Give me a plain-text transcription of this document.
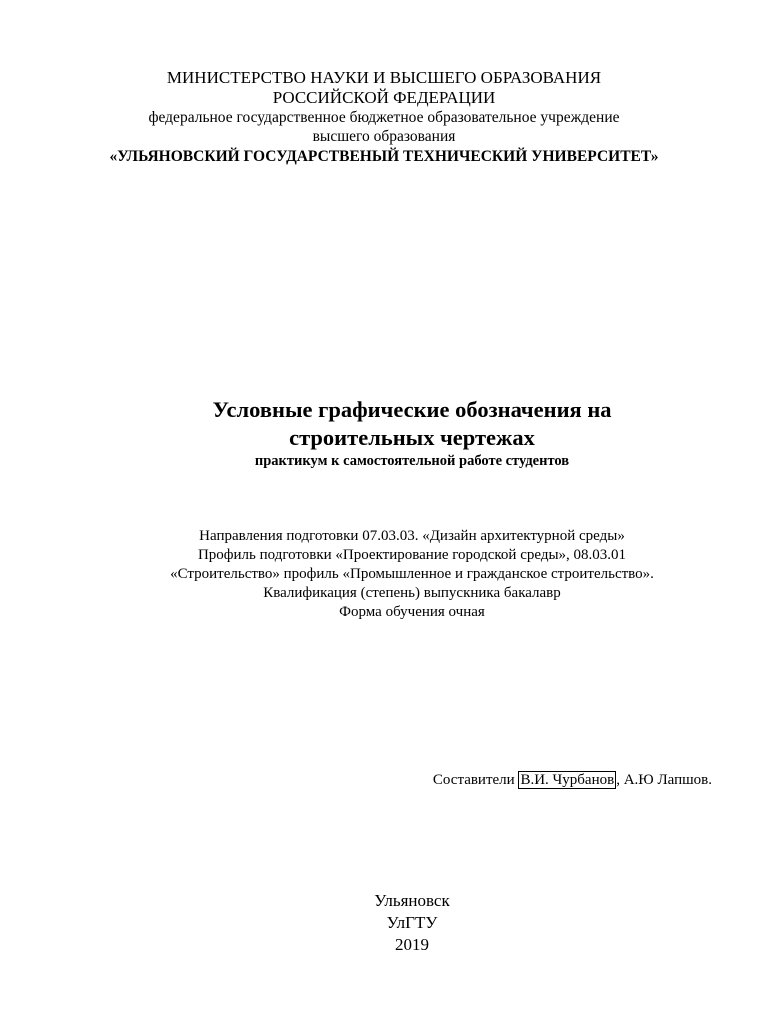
МИНИСТЕРСТВО НАУКИ И ВЫСШЕГО ОБРАЗОВАНИЯ
РОССИЙСКОЙ ФЕДЕРАЦИИ
федеральное государственное бюджетное образовательное учреждение
высшего образования
«УЛЬЯНОВСКИЙ ГОСУДАРСТВЕНЫЙ ТЕХНИЧЕСКИЙ УНИВЕРСИТЕТ»
Условные графические обозначения на
строительных чертежах
практикум к самостоятельной работе студентов
Направления подготовки 07.03.03. «Дизайн архитектурной среды»
Профиль подготовки «Проектирование городской среды», 08.03.01
«Строительство» профиль «Промышленное и гражданское строительство».
Квалификация (степень) выпускника бакалавр
Форма обучения очная
Составители В.И. Чурбанов , А.Ю Лапшов.
Ульяновск
УлГТУ
2019
